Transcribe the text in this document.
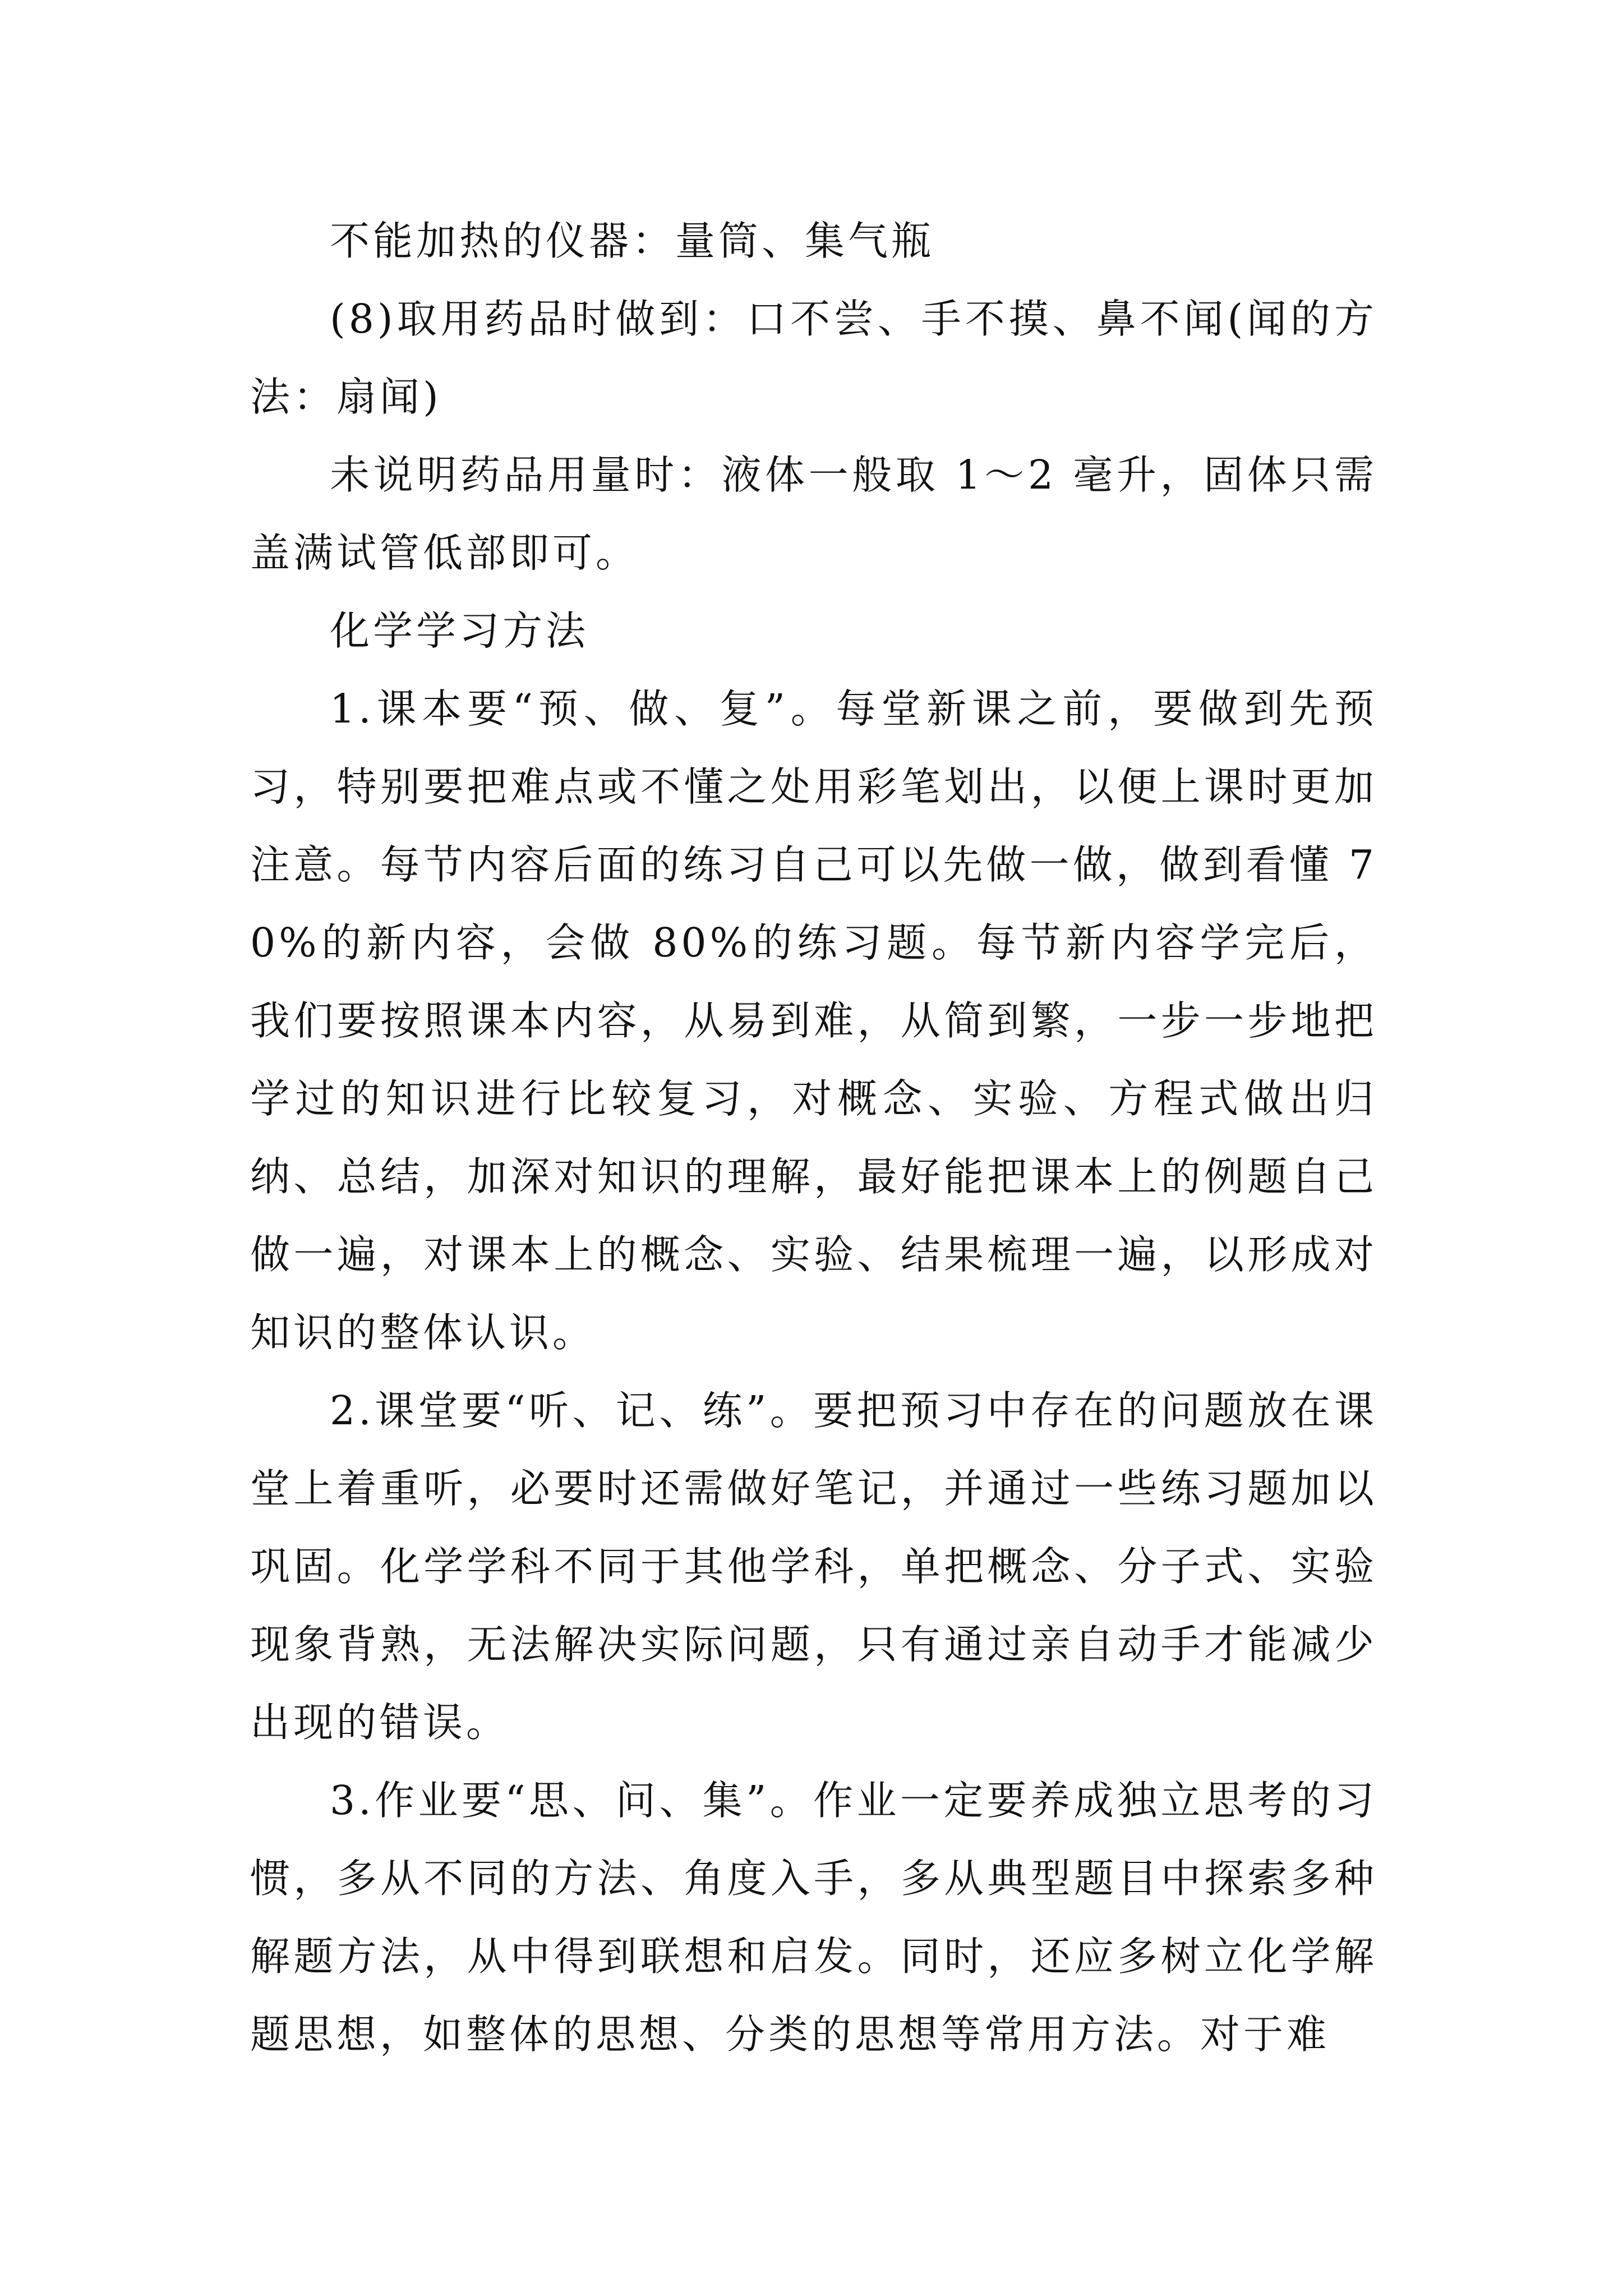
不能加热的仪器：量筒、集气瓶

(8)取用药品时做到：口不尝、手不摸、鼻不闻(闻的方法：扇闻)

未说明药品用量时：液体一般取 1～2 毫升，固体只需盖满试管低部即可。

化学学习方法

1.课本要“预、做、复”。每堂新课之前，要做到先预习，特别要把难点或不懂之处用彩笔划出，以便上课时更加注意。每节内容后面的练习自己可以先做一做，做到看懂 70%的新内容，会做 80%的练习题。每节新内容学完后，我们要按照课本内容，从易到难，从简到繁，一步一步地把学过的知识进行比较复习，对概念、实验、方程式做出归纳、总结，加深对知识的理解，最好能把课本上的例题自己做一遍，对课本上的概念、实验、结果梳理一遍，以形成对知识的整体认识。

2.课堂要“听、记、练”。要把预习中存在的问题放在课堂上着重听，必要时还需做好笔记，并通过一些练习题加以巩固。化学学科不同于其他学科，单把概念、分子式、实验现象背熟，无法解决实际问题，只有通过亲自动手才能减少出现的错误。

3.作业要“思、问、集”。作业一定要养成独立思考的习惯，多从不同的方法、角度入手，多从典型题目中探索多种解题方法，从中得到联想和启发。同时，还应多树立化学解题思想，如整体的思想、分类的思想等常用方法。对于难
